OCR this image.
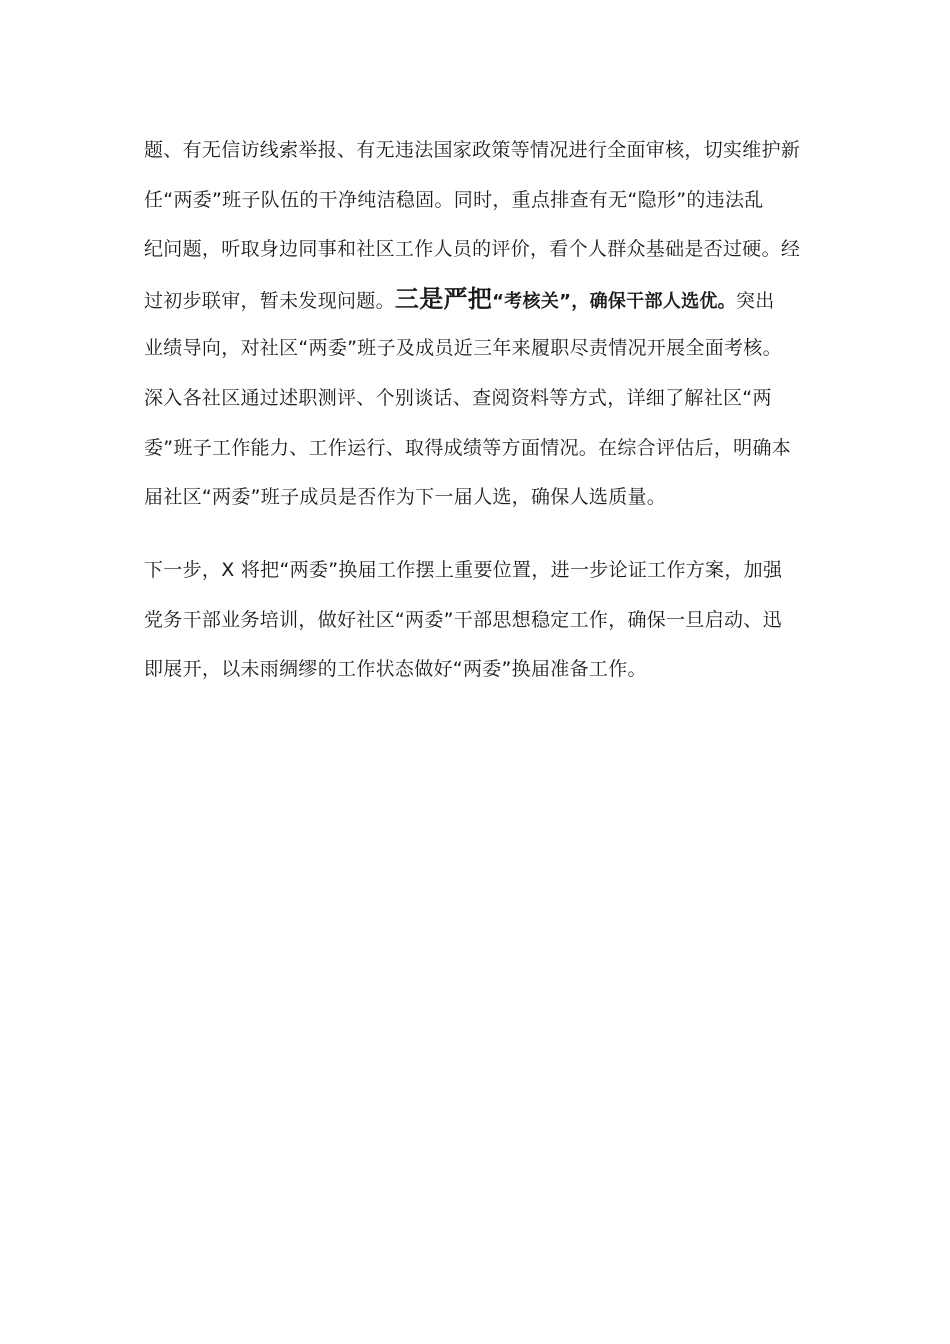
题、有无信访线索举报、有无违法国家政策等情况进行全面审核，切实维护新
任“两委”班子队伍的干净纯洁稳固。同时，重点排查有无“隐形”的违法乱
纪问题，听取身边同事和社区工作人员的评价，看个人群众基础是否过硬。经
过初步联审，暂未发现问题。三是严把“考核关”，确保干部人选优。突出
业绩导向，对社区“两委”班子及成员近三年来履职尽责情况开展全面考核。
深入各社区通过述职测评、个别谈话、查阅资料等方式，详细了解社区“两
委”班子工作能力、工作运行、取得成绩等方面情况。在综合评估后，明确本
届社区“两委”班子成员是否作为下一届人选，确保人选质量。
下一步，X 将把“两委”换届工作摆上重要位置，进一步论证工作方案，加强
党务干部业务培训，做好社区“两委”干部思想稳定工作，确保一旦启动、迅
即展开，以未雨绸缪的工作状态做好“两委”换届准备工作。
